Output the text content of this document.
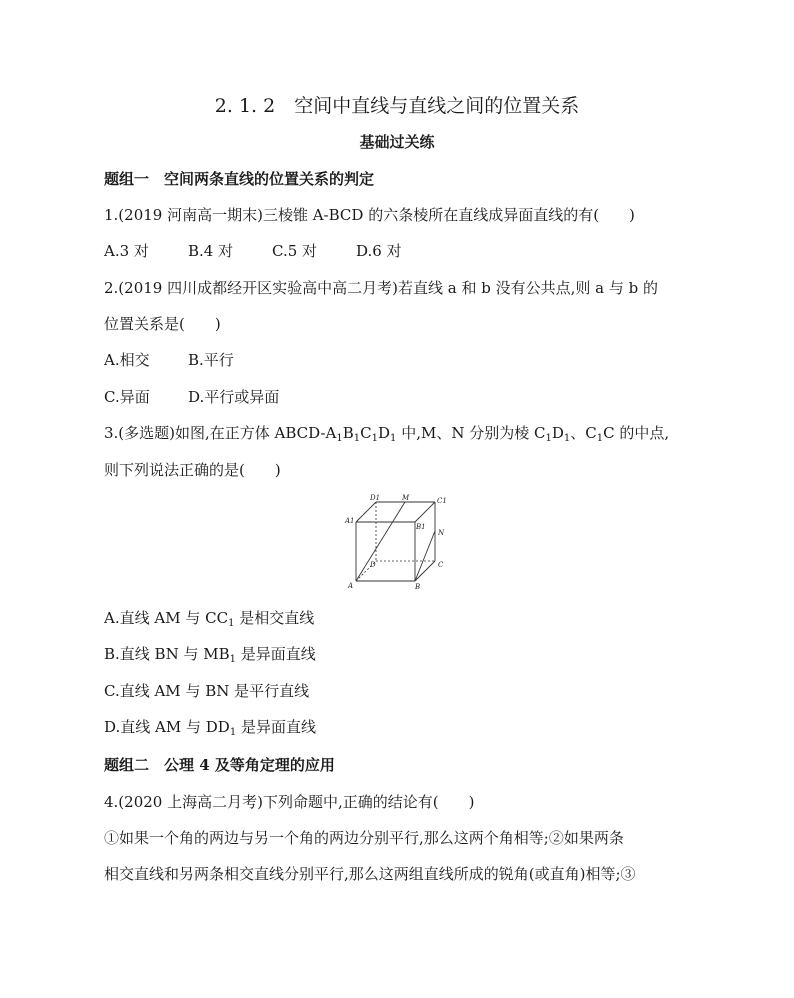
2. 1. 2　空间中直线与直线之间的位置关系
基础过关练
题组一　空间两条直线的位置关系的判定
1.(2019 河南高一期末)三棱锥 A-BCD 的六条棱所在直线成异面直线的有(　　)
A.3 对	B.4 对	C.5 对	D.6 对
2.(2019 四川成都经开区实验高中高二月考)若直线 a 和 b 没有公共点,则 a 与 b 的
位置关系是(　　)
A.相交	B.平行
C.异面	D.平行或异面
3.(多选题)如图,在正方体 ABCD-$A_1B_1C_1D_1$ 中,M、N 分别为棱 $C_1D_1$、$C_1C$ 的中点,
则下列说法正确的是(　　)
D1	M	C1
A1
B1
N
D	C
A	B
A.直线 AM 与 $CC_1$ 是相交直线
B.直线 BN 与 $MB_1$ 是异面直线
C.直线 AM 与 BN 是平行直线
D.直线 AM 与 $DD_1$ 是异面直线
题组二　公理 4 及等角定理的应用
4.(2020 上海高二月考)下列命题中,正确的结论有(　　)
①如果一个角的两边与另一个角的两边分别平行,那么这两个角相等;②如果两条
相交直线和另两条相交直线分别平行,那么这两组直线所成的锐角(或直角)相等;③
